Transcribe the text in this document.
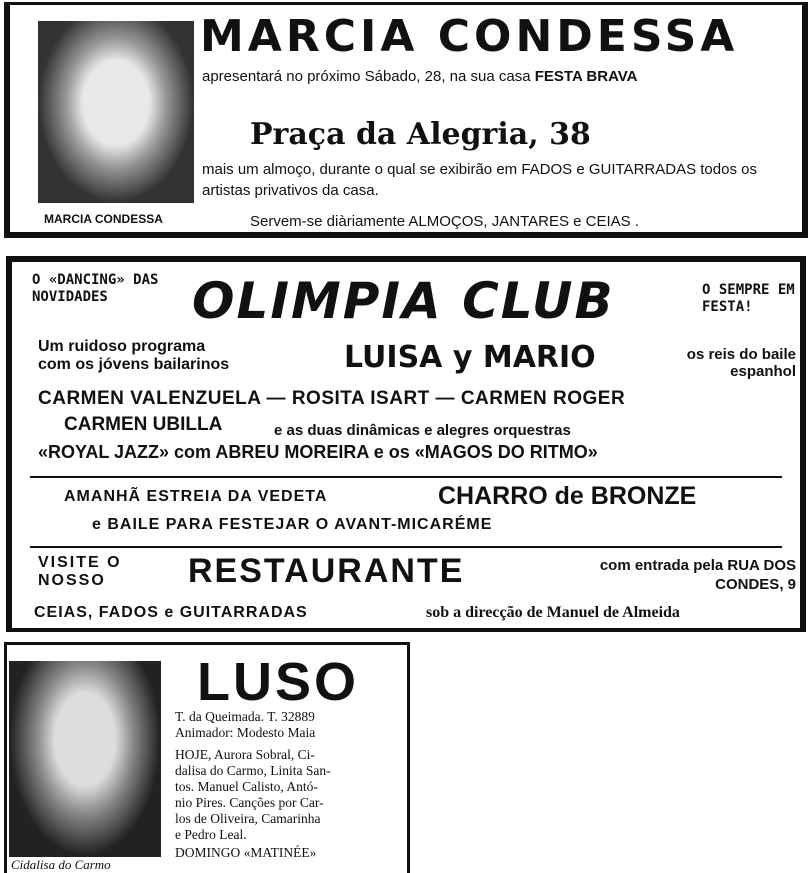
MARCIA CONDESSA
MARCIA CONDESSA
apresentará no próximo Sábado, 28, na sua casa FESTA BRAVA
Praça da Alegria, 38
mais um almoço, durante o qual se exibirão em FADOS e GUITARRADAS todos os artistas privativos da casa.
Servem-se diàriamente ALMOÇOS, JANTARES e CEIAS .
O «DANCING» DAS NOVIDADES	OLIMPIA CLUB	O SEMPRE EM FESTA!
Um ruidoso programa
com os jóvens bailarinos	LUISA y MARIO	os reis do baile espanhol
CARMEN VALENZUELA — ROSITA ISART — CARMEN ROGER
CARMEN UBILLA	e as duas dinâmicas e alegres orquestras
«ROYAL JAZZ» com ABREU MOREIRA e os «MAGOS DO RITMO»
AMANHÃ ESTREIA DA VEDETA	CHARRO de BRONZE
e BAILE PARA FESTEJAR O AVANT-MICARÉME
VISITE O NOSSO	RESTAURANTE	com entrada pela RUA DOS CONDES, 9
CEIAS, FADOS e GUITARRADAS	sob a direcção de Manuel de Almeida
Cidalisa do Carmo
LUSO
T. da Queimada. T. 32889
Animador: Modesto Maia
HOJE, Aurora Sobral, Ci-
dalisa do Carmo, Linita San-
tos. Manuel Calisto, Antó-
nio Pires. Canções por Car-
los de Oliveira, Camarinha
e Pedro Leal.
DOMINGO «MATINÉE»
